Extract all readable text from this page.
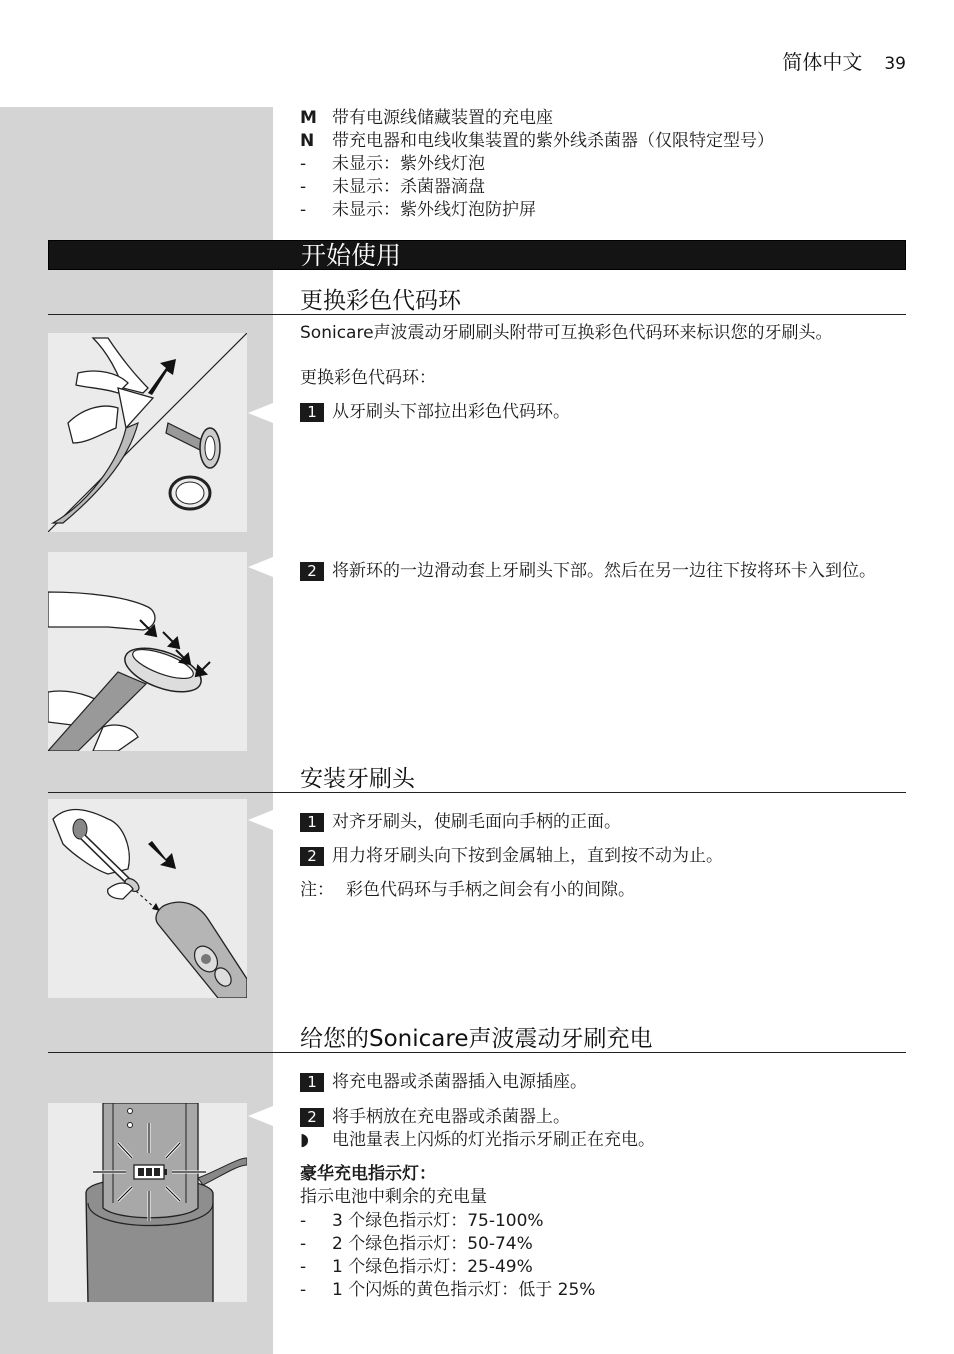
简体中文 39
M 带有电源线储藏装置的充电座
N	带充电器和电线收集装置的紫外线杀菌器（仅限特定型号）
-	未显示：紫外线灯泡
-	未显示：杀菌器滴盘
-	未显示：紫外线灯泡防护屏
开始使用
更换彩色代码环
Sonicare声波震动牙刷刷头附带可互换彩色代码环来标识您的牙刷头。
更换彩色代码环：
1 从牙刷头下部拉出彩色代码环。
2 将新环的一边滑动套上牙刷头下部。然后在另一边往下按将环卡入到位。
安装牙刷头
1 对齐牙刷头，使刷毛面向手柄的正面。
2 用力将牙刷头向下按到金属轴上，直到按不动为止。
注： 彩色代码环与手柄之间会有小的间隙。
给您的Sonicare声波震动牙刷充电
1 将充电器或杀菌器插入电源插座。
2 将手柄放在充电器或杀菌器上。
◗	电池量表上闪烁的灯光指示牙刷正在充电。
豪华充电指示灯：
指示电池中剩余的充电量
-	3 个绿色指示灯：75-100%
-	2 个绿色指示灯：50-74%
-	1 个绿色指示灯：25-49%
-	1 个闪烁的黄色指示灯：低于 25%
